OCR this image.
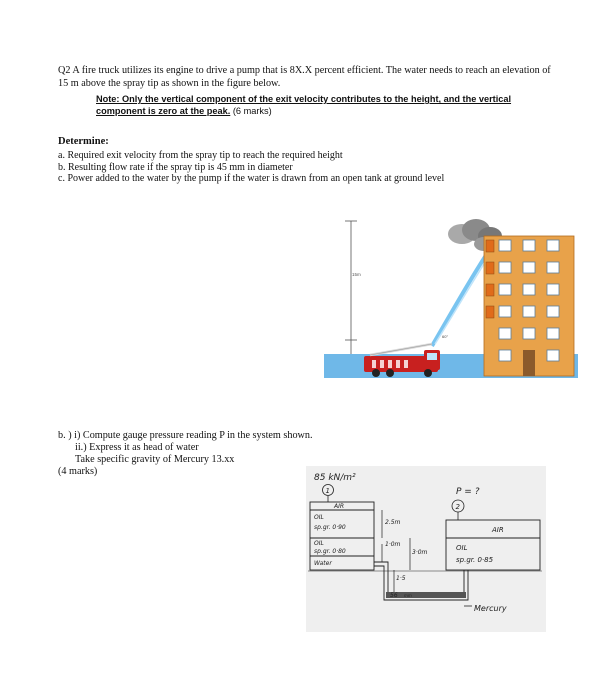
Q2 A fire truck utilizes its engine to drive a pump that is 8X.X percent efficient. The water needs to reach an elevation of 15 m above the spray tip as shown in the figure below.
Note: Only the vertical component of the exit velocity contributes to the height, and the vertical component is zero at the peak. (6 marks)
Determine:
a. Required exit velocity from the spray tip to reach the required height
b. Resulting flow rate if the spray tip is 45 mm in diameter
c. Power added to the water by the pump if the water is drawn from an open tank at ground level
15m
60°
b. ) i) Compute gauge pressure reading P in the system shown.
ii.) Express it as head of water
Take specific gravity of Mercury 13.xx
(4 marks)
85 kN/m²
1	P = ?
2
AIR
OIL
sp.gr. 0·90
OIL
sp.gr. 0·80
Water
AIR
OIL
sp.gr. 0·85
Mercury
2.5m
1·0m
3·0m
1·5
56 mm
